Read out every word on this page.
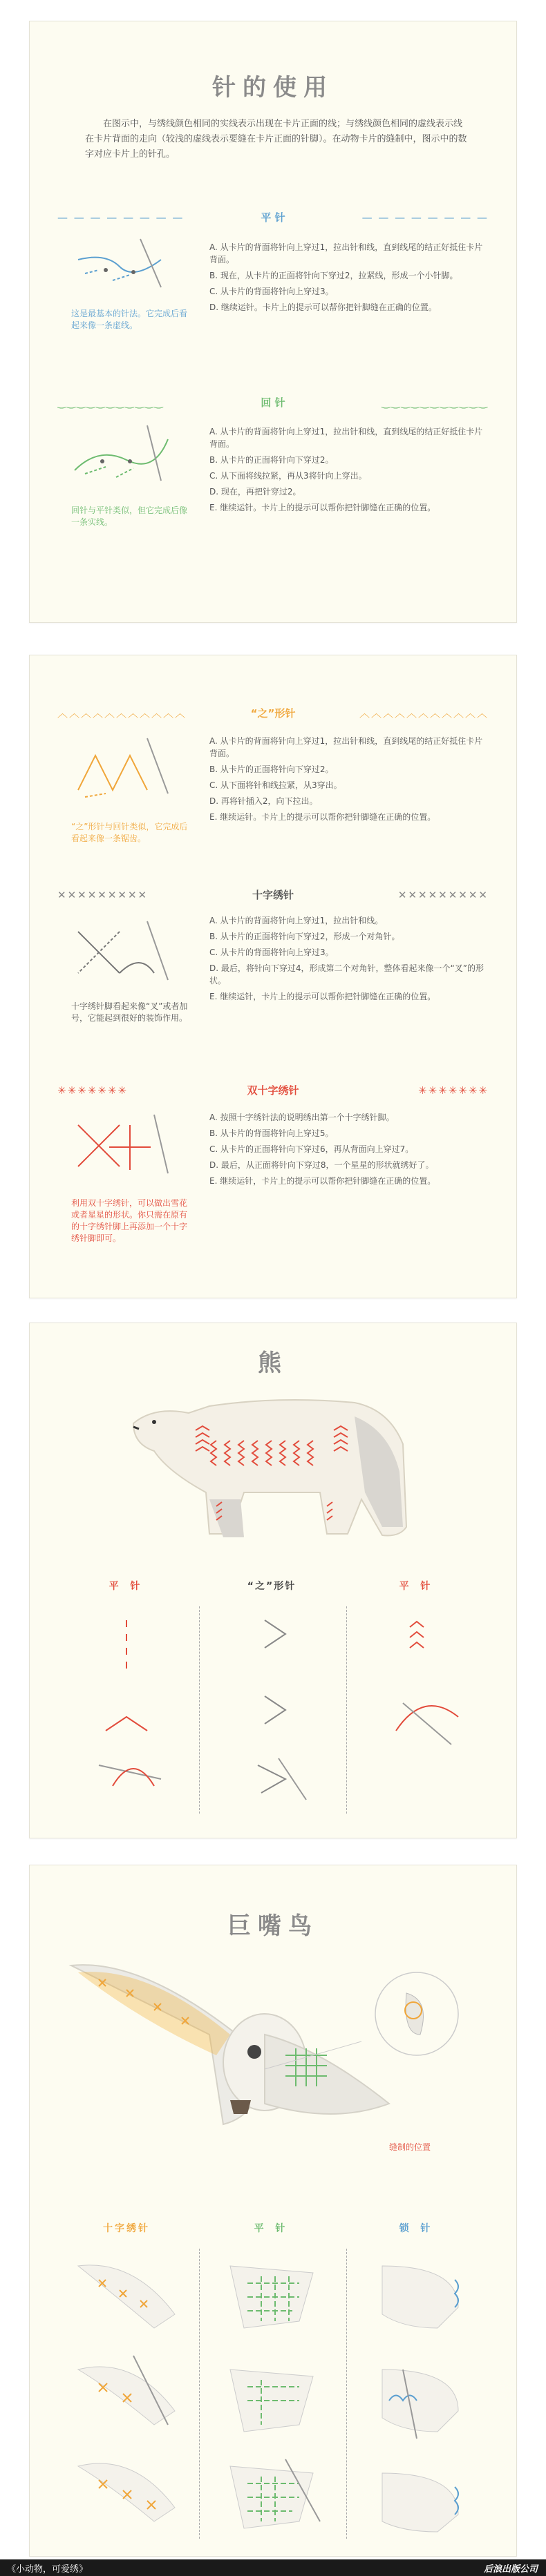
针的使用
在图示中，与绣线颜色相同的实线表示出现在卡片正面的线；与绣线颜色相同的虚线表示线在卡片背面的走向（较浅的虚线表示要缝在卡片正面的针脚）。在动物卡片的缝制中，图示中的数字对应卡片上的针孔。
— — — — — — — —	平 针	— — — — — — — —
这是最基本的针法。它完成后看起来像一条虚线。
A. 从卡片的背面将针向上穿过1，拉出针和线，直到线尾的结正好抵住卡片背面。
B. 现在，从卡片的正面将针向下穿过2，拉紧线，形成一个小针脚。
C. 从卡片的背面将针向上穿过3。
D. 继续运针。卡片上的提示可以帮你把针脚缝在正确的位置。
‿‿‿‿‿‿‿‿‿‿‿	回 针	‿‿‿‿‿‿‿‿‿‿‿
回针与平针类似，但它完成后像一条实线。
A. 从卡片的背面将针向上穿过1，拉出针和线，直到线尾的结正好抵住卡片背面。
B. 从卡片的正面将针向下穿过2。
C. 从下面将线拉紧，再从3将针向上穿出。
D. 现在，再把针穿过2。
E. 继续运针。卡片上的提示可以帮你把针脚缝在正确的位置。
︿︿︿︿︿︿︿︿︿︿︿	“之”形针	︿︿︿︿︿︿︿︿︿︿︿
“之”形针与回针类似，它完成后看起来像一条锯齿。
A. 从卡片的背面将针向上穿过1，拉出针和线，直到线尾的结正好抵住卡片背面。
B. 从卡片的正面将针向下穿过2。
C. 从下面将针和线拉紧，从3穿出。
D. 再将针插入2，向下拉出。
E. 继续运针。卡片上的提示可以帮你把针脚缝在正确的位置。
✕✕✕✕✕✕✕✕✕	十字绣针	✕✕✕✕✕✕✕✕✕
十字绣针脚看起来像“叉”或者加号，它能起到很好的装饰作用。
A. 从卡片的背面将针向上穿过1，拉出针和线。
B. 从卡片的正面将针向下穿过2，形成一个对角针。
C. 从卡片的背面将针向上穿过3。
D. 最后，将针向下穿过4，形成第二个对角针，整体看起来像一个“叉”的形状。
E. 继续运针，卡片上的提示可以帮你把针脚缝在正确的位置。
✳✳✳✳✳✳✳	双十字绣针	✳✳✳✳✳✳✳
利用双十字绣针，可以做出雪花或者星星的形状。你只需在原有的十字绣针脚上再添加一个十字绣针脚即可。
A. 按照十字绣针法的说明绣出第一个十字绣针脚。
B. 从卡片的背面将针向上穿过5。
C. 从卡片的正面将针向下穿过6，再从背面向上穿过7。
D. 最后，从正面将针向下穿过8，一个星星的形状就绣好了。
E. 继续运针，卡片上的提示可以帮你把针脚缝在正确的位置。
熊
平 针	“之”形针	平 针
巨嘴鸟
缝制的位置
十字绣针	平 针	锁 针
《小动物，可爱绣》	后浪出版公司
